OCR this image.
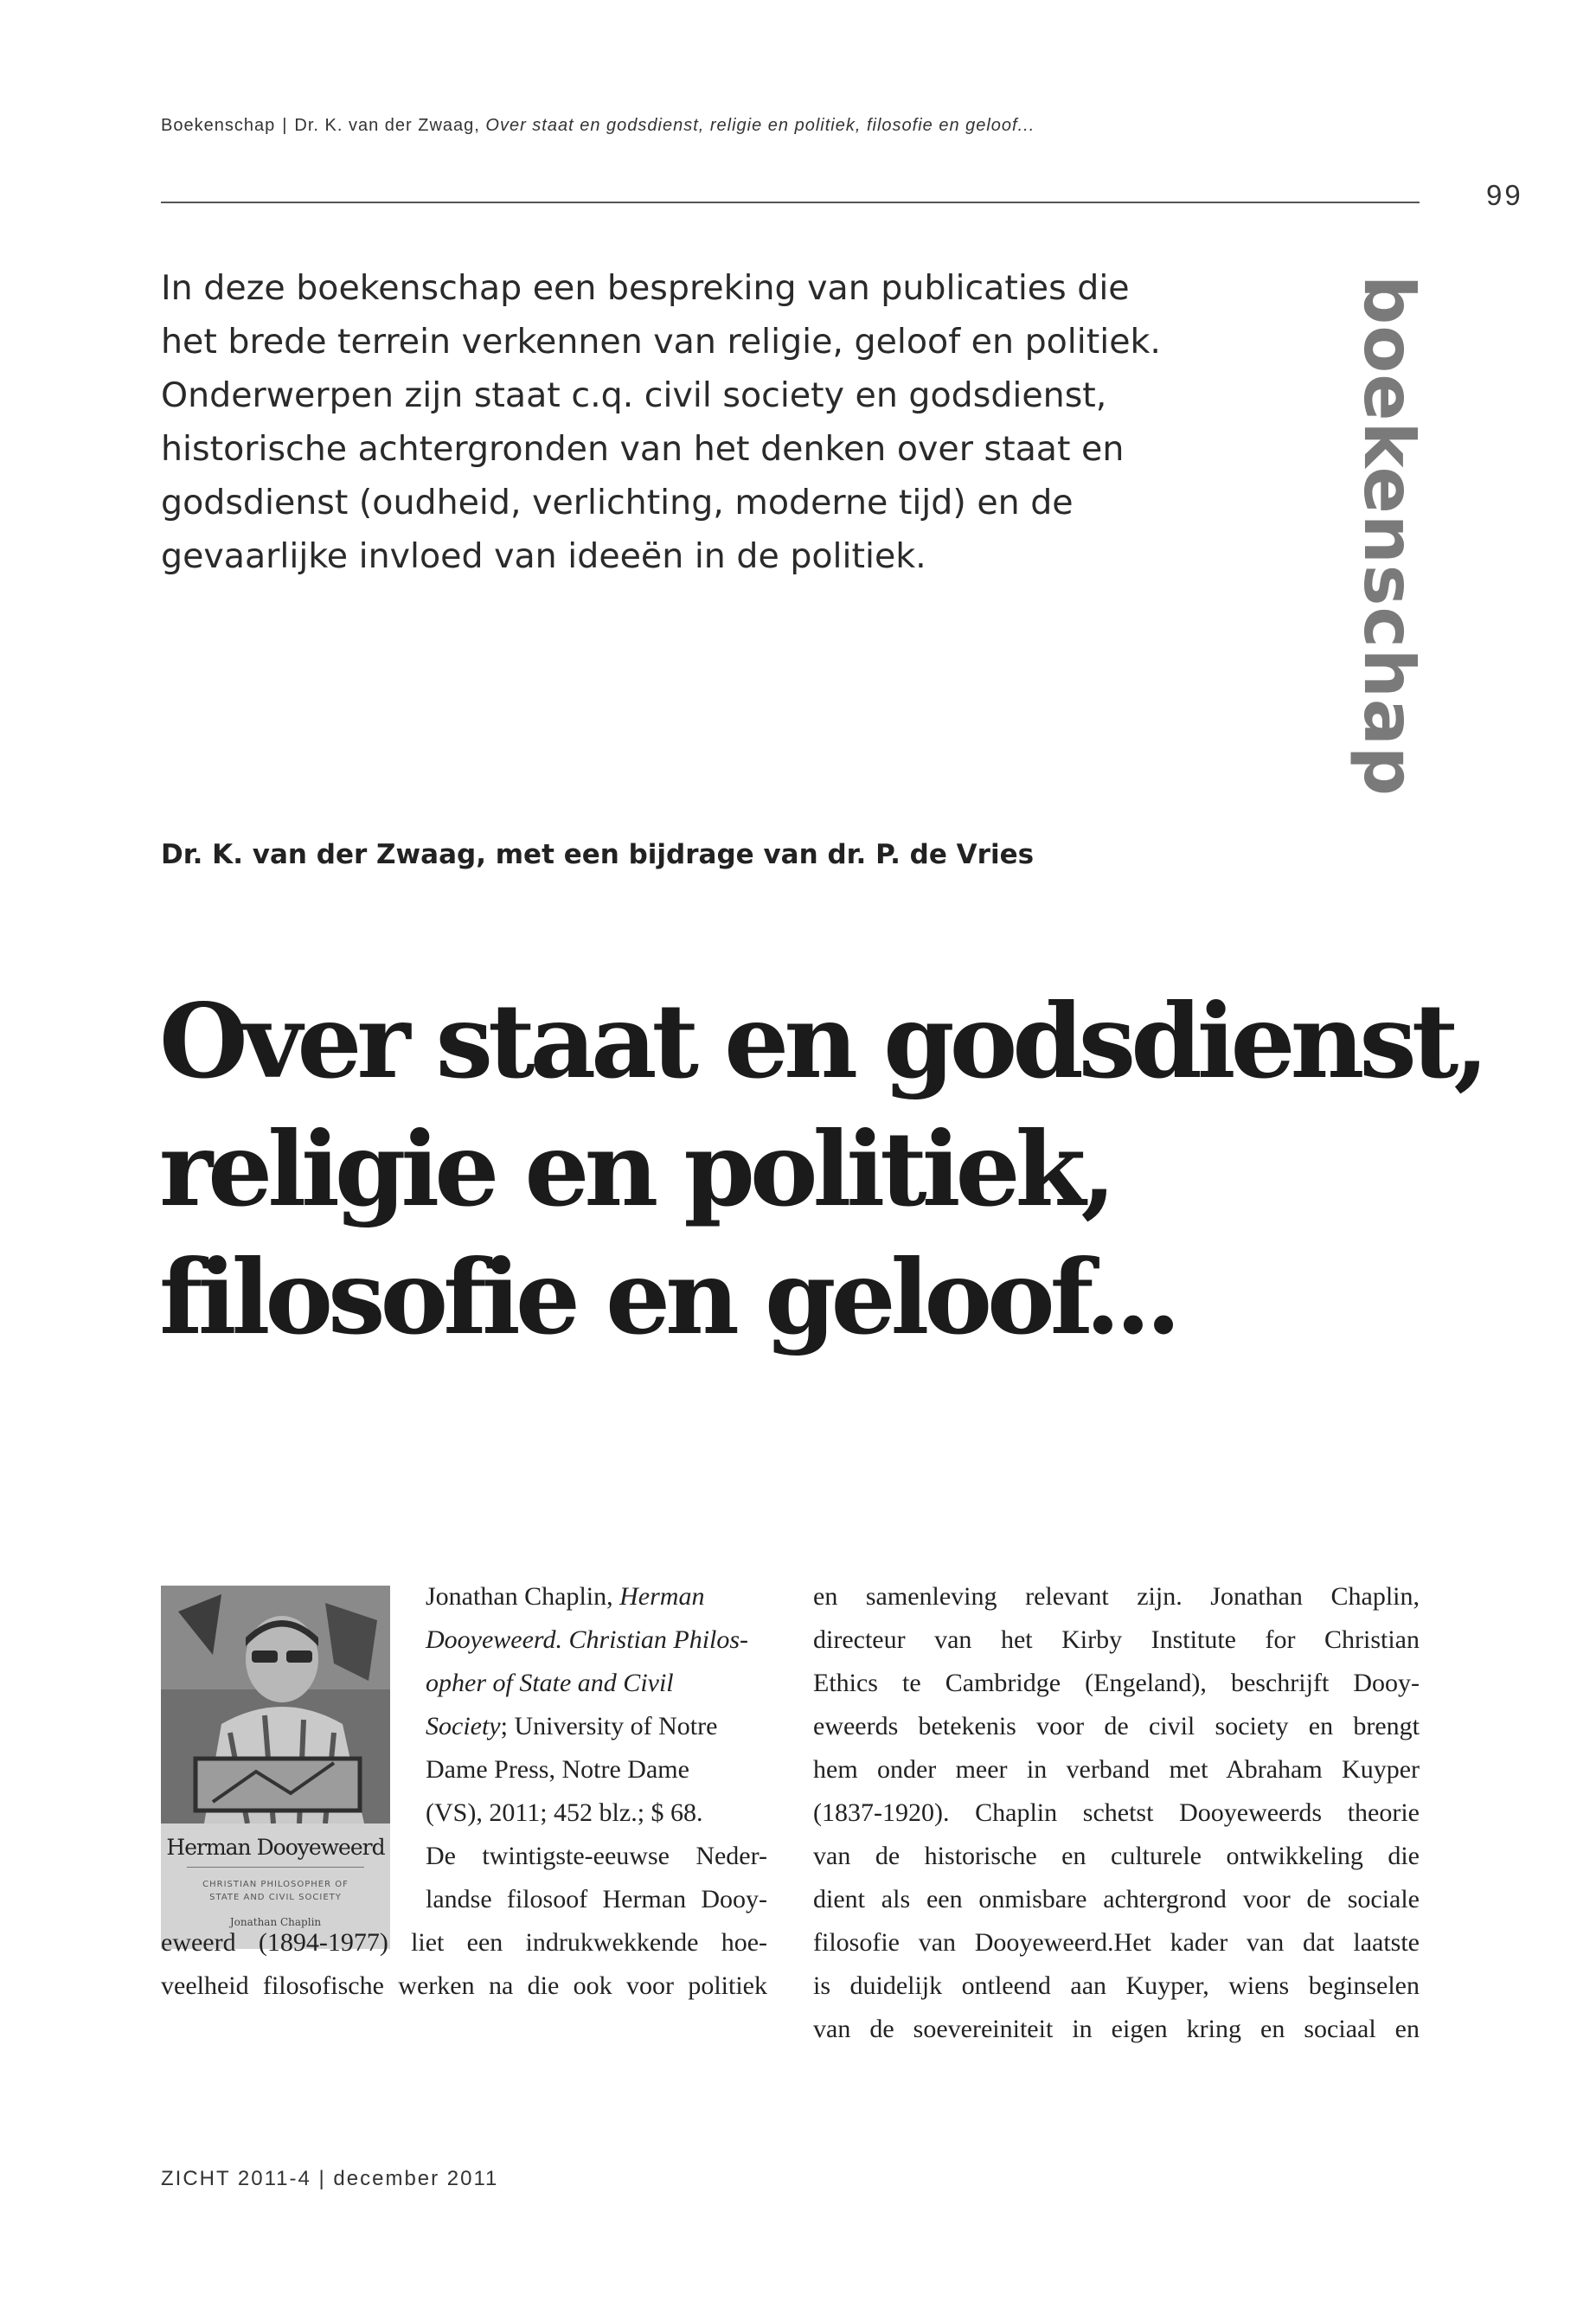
Boekenschap | Dr. K. van der Zwaag, Over staat en godsdienst, religie en politiek, filosofie en geloof...
99
In deze boekenschap een bespreking van publicaties die
het brede terrein verkennen van religie, geloof en politiek.
Onderwerpen zijn staat c.q. civil society en godsdienst,
historische achtergronden van het denken over staat en
godsdienst (oudheid, verlichting, moderne tijd) en de
gevaarlijke invloed van ideeën in de politiek.	boekenschap
Dr. K. van der Zwaag, met een bijdrage van dr. P. de Vries
Over staat en godsdienst,
religie en politiek,
filosofie en geloof...
Herman Dooyeweerd
CHRISTIAN PHILOSOPHER OF
STATE AND CIVIL SOCIETY
Jonathan Chaplin
Jonathan Chaplin, Herman
Dooyeweerd. Christian Philos-
opher of State and Civil
Society; University of Notre
Dame Press, Notre Dame
(VS), 2011; 452 blz.; $ 68.
De twintigste-eeuwse Neder-
landse filosoof Herman Dooy-
eweerd (1894-1977) liet een indrukwekkende hoe-
veelheid filosofische werken na die ook voor politiek
en samenleving relevant zijn. Jonathan Chaplin,
directeur van het Kirby Institute for Christian
Ethics te Cambridge (Engeland), beschrijft Dooy-
eweerds betekenis voor de civil society en brengt
hem onder meer in verband met Abraham Kuyper
(1837-1920). Chaplin schetst Dooyeweerds theorie
van de historische en culturele ontwikkeling die
dient als een onmisbare achtergrond voor de sociale
filosofie van Dooyeweerd.Het kader van dat laatste
is duidelijk ontleend aan Kuyper, wiens beginselen
van de soevereiniteit in eigen kring en sociaal en
ZICHT 2011-4 | december 2011
